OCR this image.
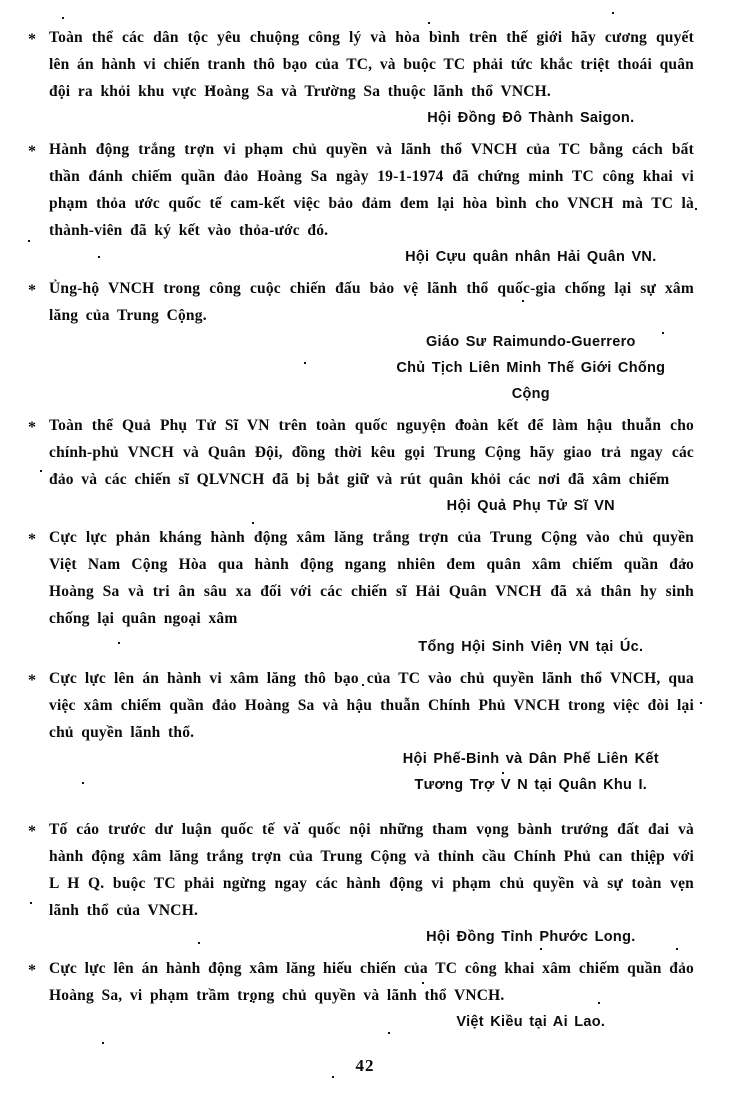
* Toàn thể các dân tộc yêu chuộng công lý và hòa bình trên thế giới hãy cương quyết lên án hành vi chiến tranh thô bạo của TC, và buộc TC phải tức khắc triệt thoái quân đội ra khỏi khu vực Hoàng Sa và Trường Sa thuộc lãnh thổ VNCH.
Hội Đồng Đô Thành Saigon.
* Hành động trắng trợn vi phạm chủ quyền và lãnh thổ VNCH của TC bằng cách bất thần đánh chiếm quần đảo Hoàng Sa ngày 19-1-1974 đã chứng minh TC công khai vi phạm thỏa ước quốc tế cam-kết việc bảo đảm đem lại hòa bình cho VNCH mà TC là thành-viên đã ký kết vào thỏa-ước đó.
Hội Cựu quân nhân Hải Quân VN.
* Ủng-hộ VNCH trong công cuộc chiến đấu bảo vệ lãnh thổ quốc-gia chống lại sự xâm lăng của Trung Cộng.
Giáo Sư Raimundo-Guerrero
Chủ Tịch Liên Minh Thế Giới Chống Cộng
* Toàn thể Quả Phụ Tử Sĩ VN trên toàn quốc nguyện đoàn kết để làm hậu thuẫn cho chính-phủ VNCH và Quân Đội, đồng thời kêu gọi Trung Cộng hãy giao trả ngay các đảo và các chiến sĩ QLVNCH đã bị bắt giữ và rút quân khỏi các nơi đã xâm chiếm
Hội Quả Phụ Tử Sĩ VN
* Cực lực phản kháng hành động xâm lăng trắng trợn của Trung Cộng vào chủ quyền Việt Nam Cộng Hòa qua hành động ngang nhiên đem quân xâm chiếm quần đảo Hoàng Sa và tri ân sâu xa đối với các chiến sĩ Hải Quân VNCH đã xả thân hy sinh chống lại quân ngoại xâm
Tổng Hội Sinh Viên VN tại Úc.
* Cực lực lên án hành vi xâm lăng thô bạo của TC vào chủ quyền lãnh thổ VNCH, qua việc xâm chiếm quần đảo Hoàng Sa và hậu thuẫn Chính Phủ VNCH trong việc đòi lại chủ quyền lãnh thổ.
Hội Phế-Binh và Dân Phế Liên Kết
Tương Trợ V N tại Quân Khu I.
* Tố cáo trước dư luận quốc tế và quốc nội những tham vọng bành trướng đất đai và hành động xâm lăng trắng trợn của Trung Cộng và thỉnh cầu Chính Phủ can thiệp với L H Q. buộc TC phải ngừng ngay các hành động vi phạm chủ quyền và sự toàn vẹn lãnh thổ của VNCH.
Hội Đồng Tỉnh Phước Long.
* Cực lực lên án hành động xâm lăng hiếu chiến của TC công khai xâm chiếm quần đảo Hoàng Sa, vi phạm trầm trọng chủ quyền và lãnh thổ VNCH.
Việt Kiều tại Ai Lao.
42
